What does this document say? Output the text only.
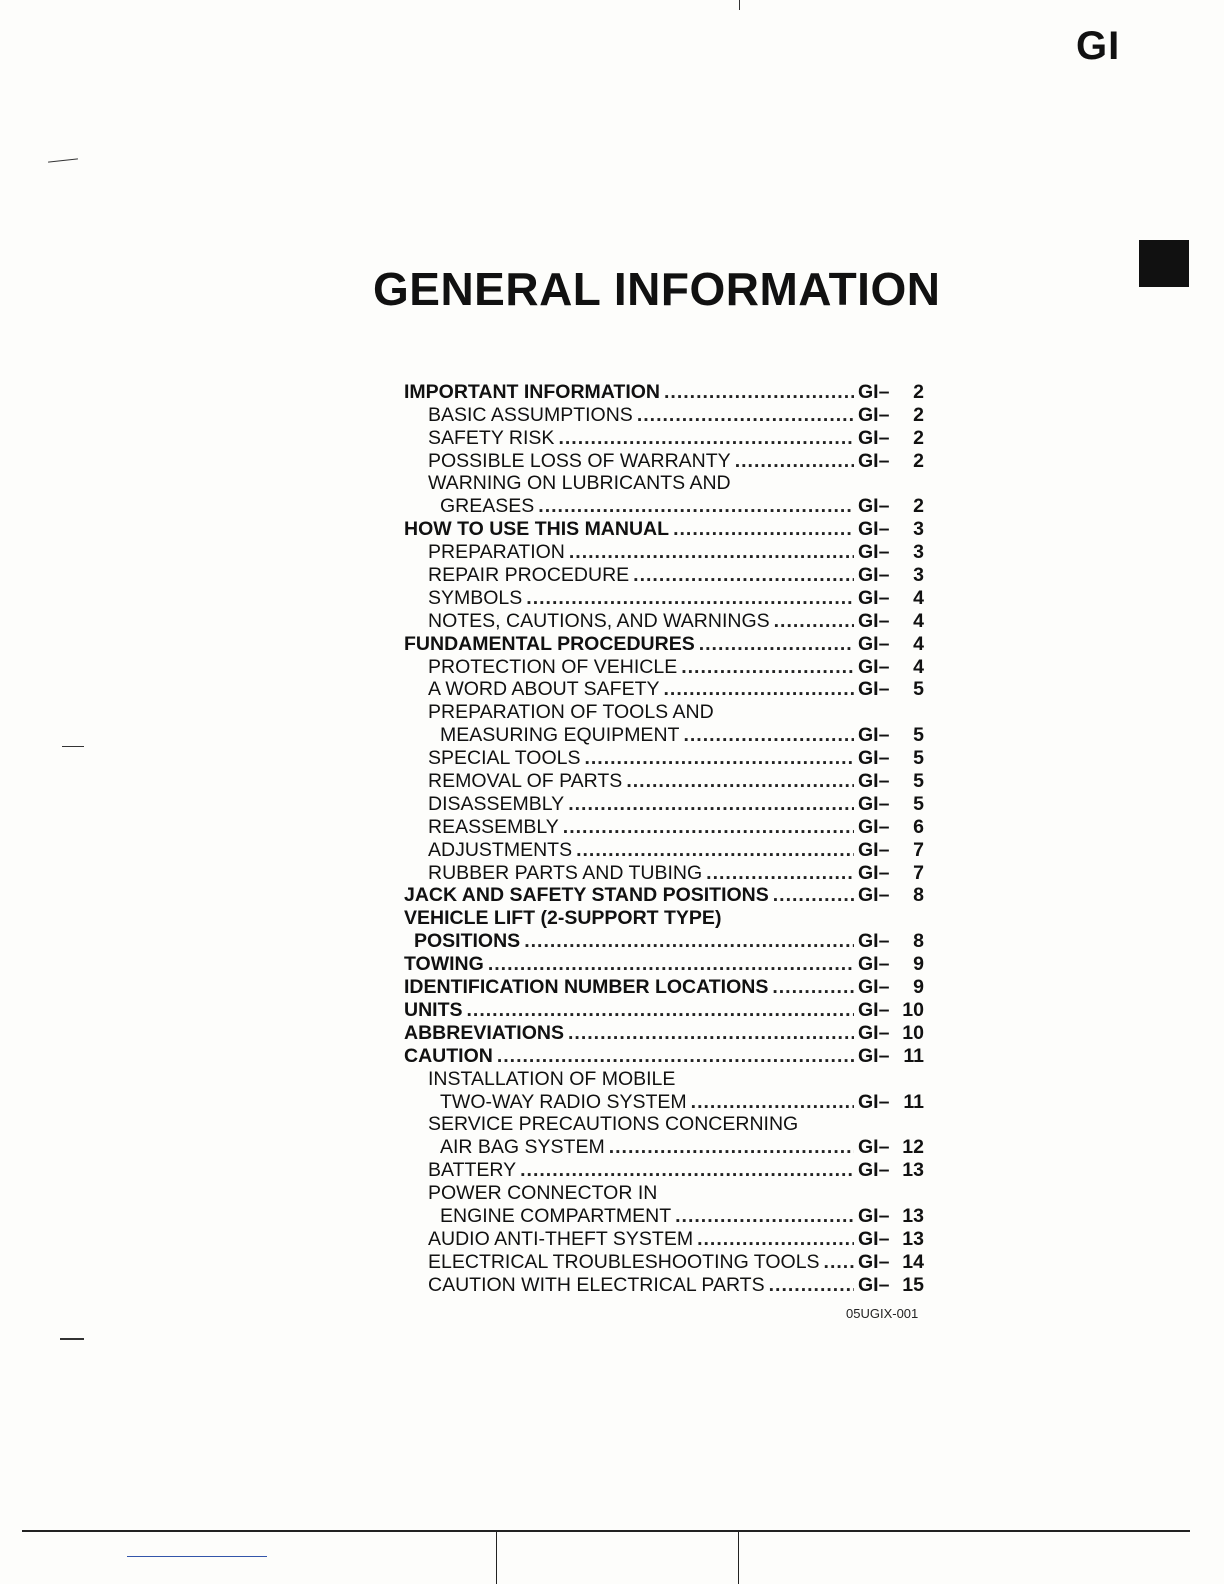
GI
GENERAL INFORMATION
IMPORTANT INFORMATION .....	GI– 2
BASIC ASSUMPTIONS .....	GI– 2
SAFETY RISK .....	GI– 2
POSSIBLE LOSS OF WARRANTY .....	GI– 2
WARNING ON LUBRICANTS AND
GREASES .....	GI– 2
HOW TO USE THIS MANUAL .....	GI– 3
PREPARATION .....	GI– 3
REPAIR PROCEDURE .....	GI– 3
SYMBOLS .....	GI– 4
NOTES, CAUTIONS, AND WARNINGS .....	GI– 4
FUNDAMENTAL PROCEDURES .....	GI– 4
PROTECTION OF VEHICLE .....	GI– 4
A WORD ABOUT SAFETY .....	GI– 5
PREPARATION OF TOOLS AND
MEASURING EQUIPMENT .....	GI– 5
SPECIAL TOOLS .....	GI– 5
REMOVAL OF PARTS .....	GI– 5
DISASSEMBLY .....	GI– 5
REASSEMBLY .....	GI– 6
ADJUSTMENTS .....	GI– 7
RUBBER PARTS AND TUBING .....	GI– 7
JACK AND SAFETY STAND POSITIONS .....	GI– 8
VEHICLE LIFT (2-SUPPORT TYPE)
POSITIONS .....	GI– 8
TOWING .....	GI– 9
IDENTIFICATION NUMBER LOCATIONS .....	GI– 9
UNITS .....	GI– 10
ABBREVIATIONS .....	GI– 10
CAUTION .....	GI– 11
INSTALLATION OF MOBILE
TWO-WAY RADIO SYSTEM .....	GI– 11
SERVICE PRECAUTIONS CONCERNING
AIR BAG SYSTEM .....	GI– 12
BATTERY .....	GI– 13
POWER CONNECTOR IN
ENGINE COMPARTMENT .....	GI– 13
AUDIO ANTI-THEFT SYSTEM .....	GI– 13
ELECTRICAL TROUBLESHOOTING TOOLS ..... GI– 14
CAUTION WITH ELECTRICAL PARTS .....	GI– 15
05UGIX-001
